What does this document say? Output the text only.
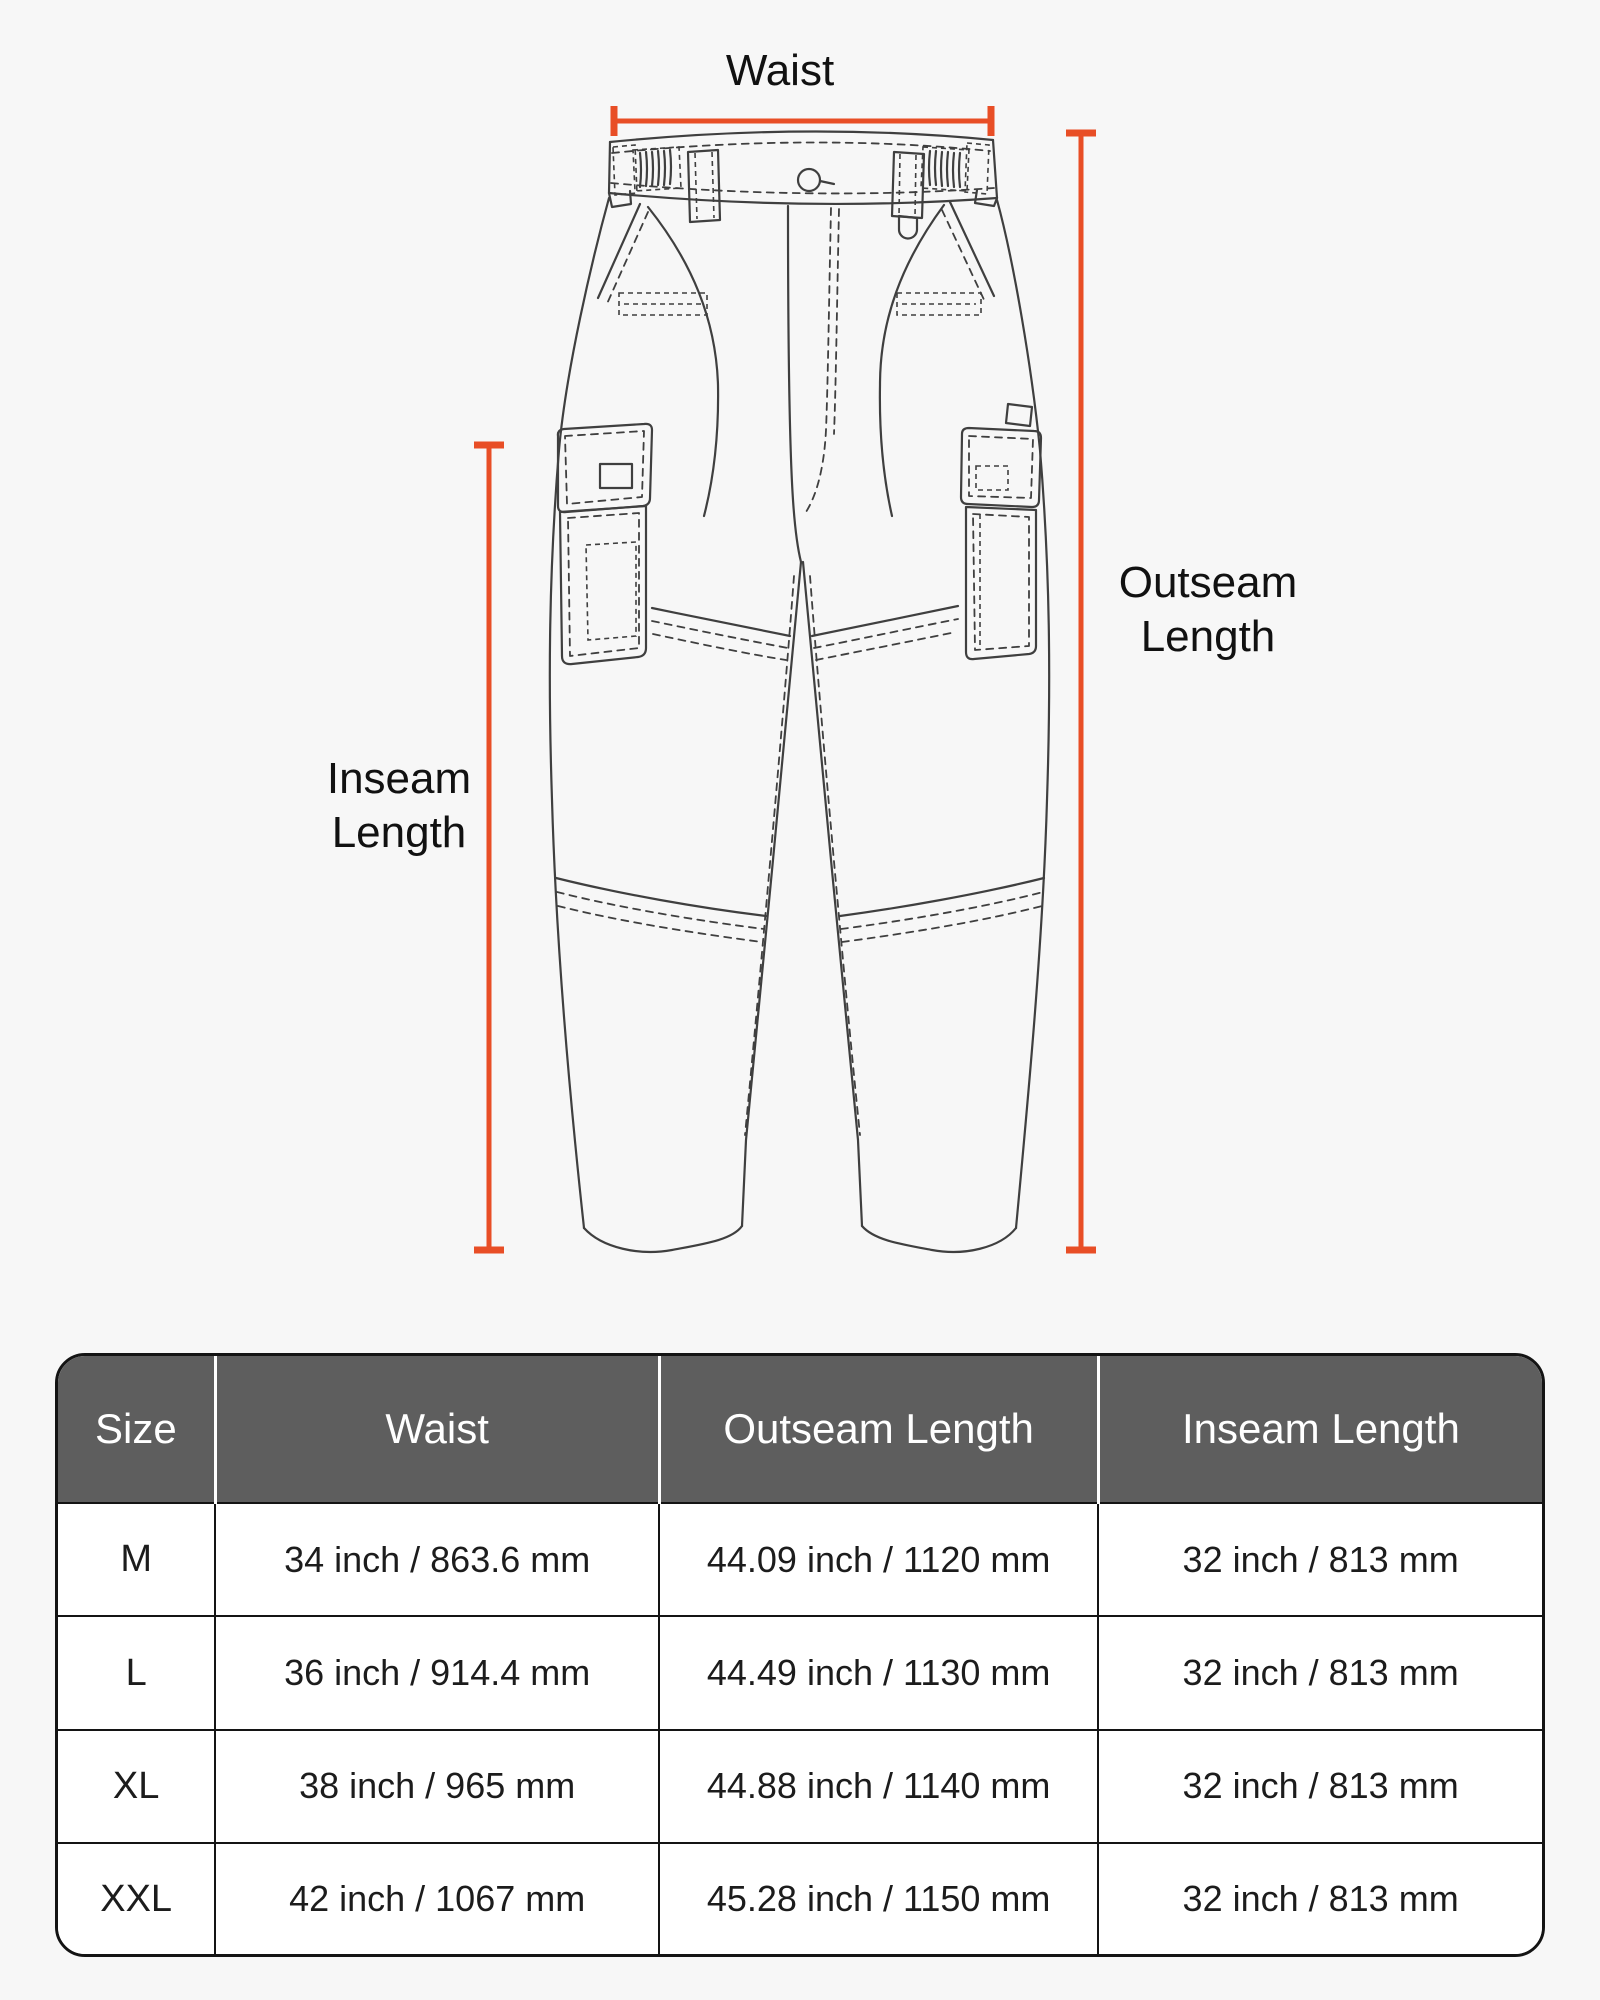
Waist
Outseam
Length
Inseam
Length
Size	Waist	Outseam Length	Inseam Length
M	34 inch / 863.6 mm	44.09 inch / 1120 mm	32 inch / 813 mm
L	36 inch / 914.4 mm	44.49 inch / 1130 mm	32 inch / 813 mm
XL	38 inch / 965 mm	44.88 inch / 1140 mm	32 inch / 813 mm
XXL	42 inch / 1067 mm	45.28 inch / 1150 mm	32 inch / 813 mm
